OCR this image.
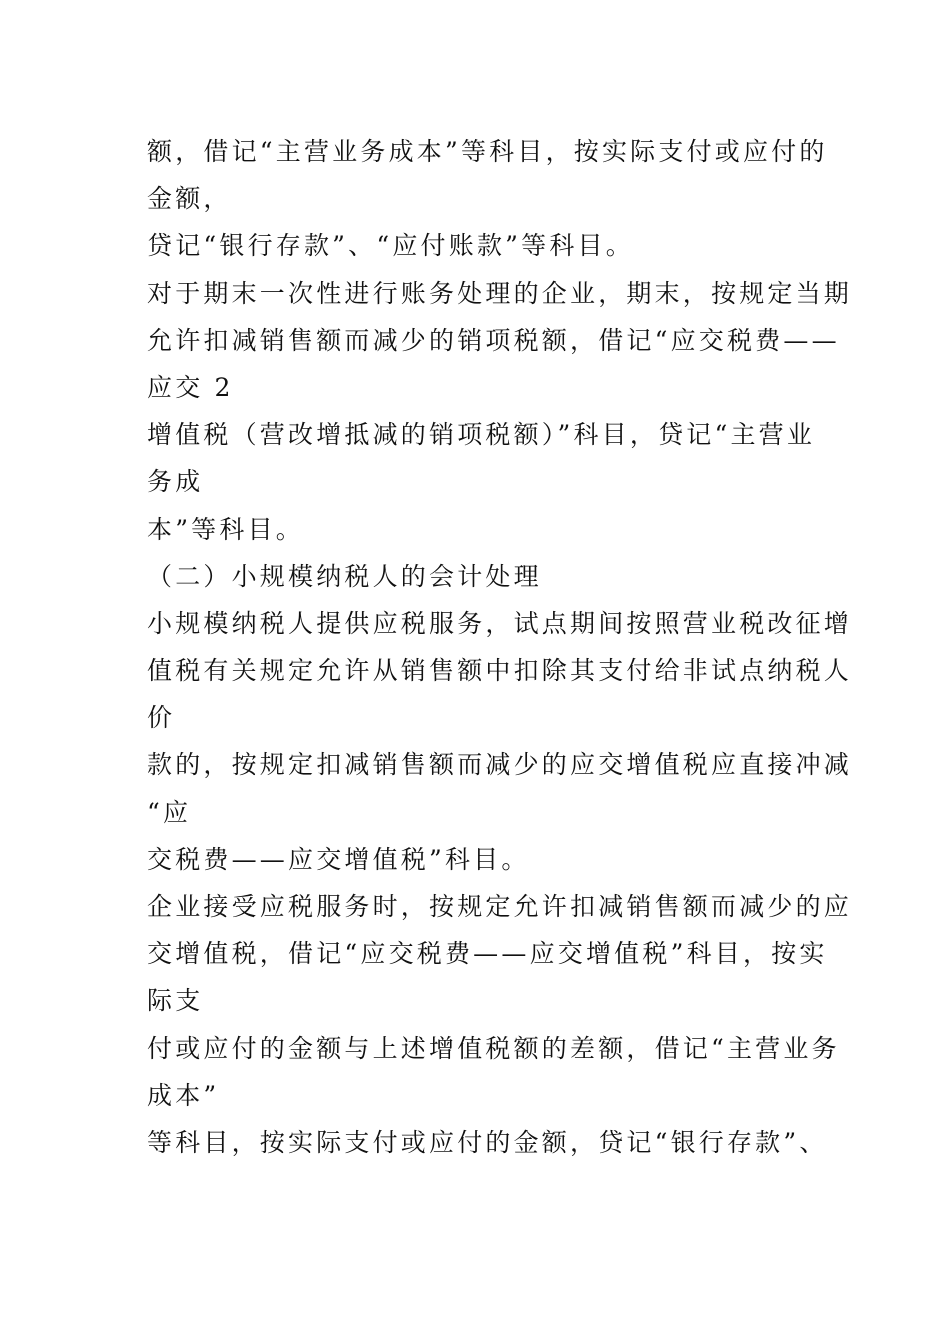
额，借记“主营业务成本”等科目，按实际支付或应付的
金额，
贷记“银行存款”、“应付账款”等科目。
对于期末一次性进行账务处理的企业，期末，按规定当期
允许扣减销售额而减少的销项税额，借记“应交税费——
应交 2
增值税（营改增抵减的销项税额）”科目，贷记“主营业
务成
本”等科目。
（二）小规模纳税人的会计处理
小规模纳税人提供应税服务，试点期间按照营业税改征增
值税有关规定允许从销售额中扣除其支付给非试点纳税人
价
款的，按规定扣减销售额而减少的应交增值税应直接冲减
“应
交税费——应交增值税”科目。
企业接受应税服务时，按规定允许扣减销售额而减少的应
交增值税，借记“应交税费——应交增值税”科目，按实
际支
付或应付的金额与上述增值税额的差额，借记“主营业务
成本”
等科目，按实际支付或应付的金额，贷记“银行存款”、
